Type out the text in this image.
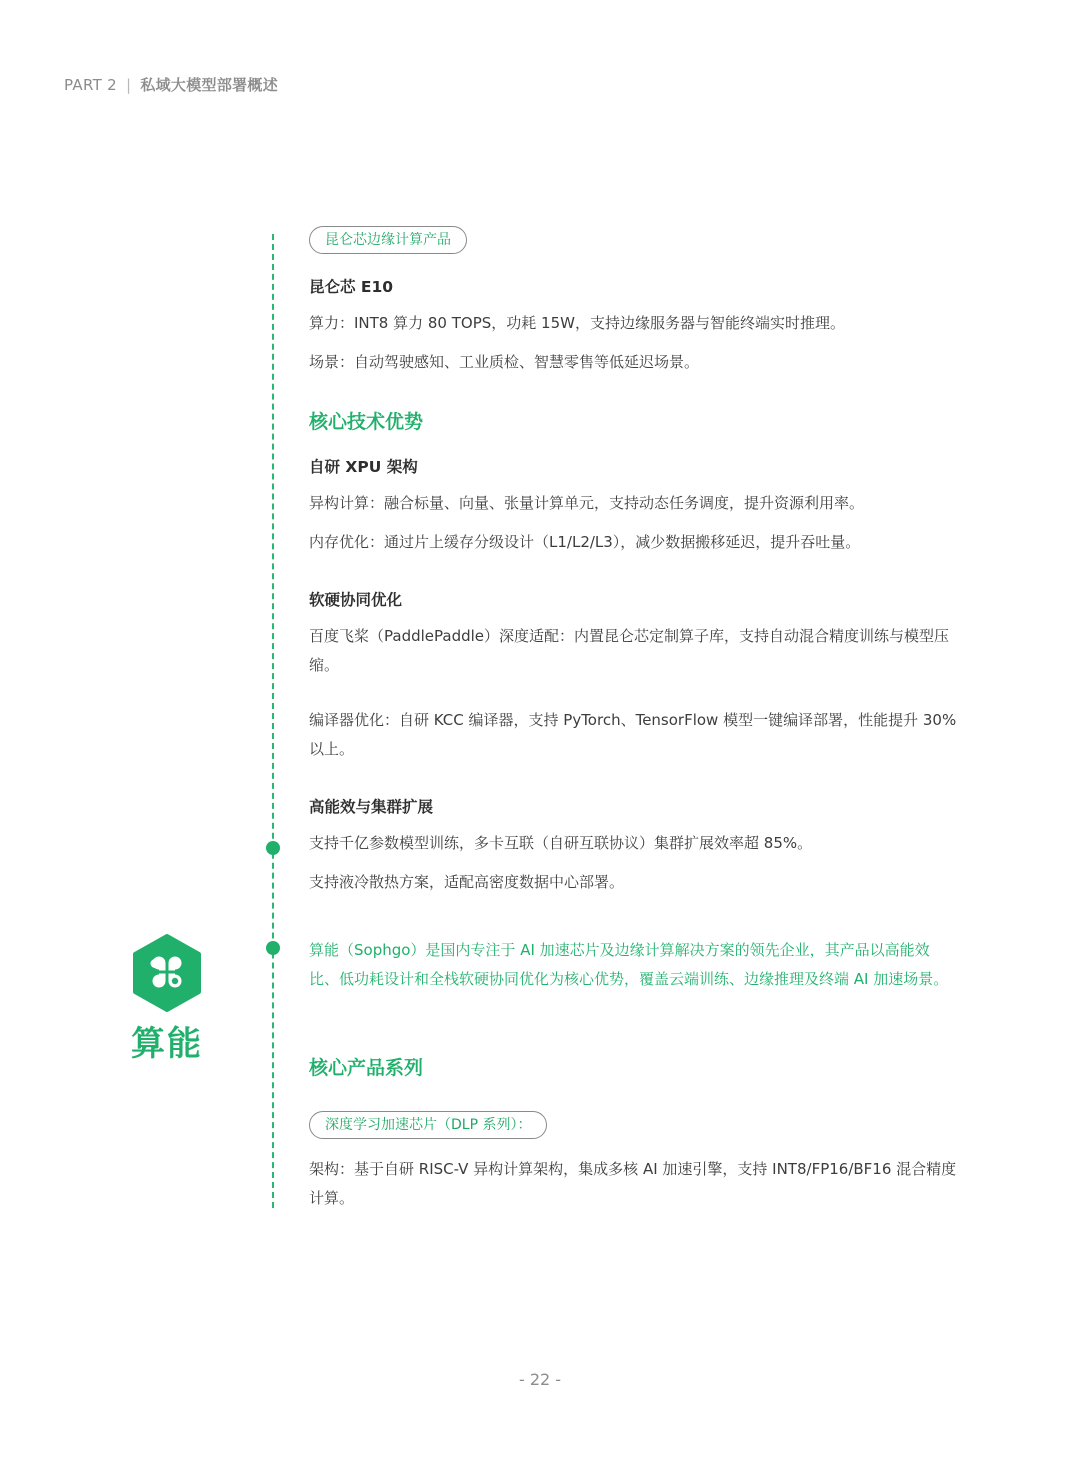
PART 2 | 私域大模型部署概述
算能
昆仑芯边缘计算产品
昆仑芯 E10
算力：INT8 算力 80 TOPS，功耗 15W，支持边缘服务器与智能终端实时推理。
场景：自动驾驶感知、工业质检、智慧零售等低延迟场景。
核心技术优势
自研 XPU 架构
异构计算：融合标量、向量、张量计算单元，支持动态任务调度，提升资源利用率。
内存优化：通过片上缓存分级设计（L1/L2/L3），减少数据搬移延迟，提升吞吐量。
软硬协同优化
百度飞桨（PaddlePaddle）深度适配：内置昆仑芯定制算子库，支持自动混合精度训练与模型压缩。
编译器优化：自研 KCC 编译器，支持 PyTorch、TensorFlow 模型一键编译部署，性能提升 30% 以上。
高能效与集群扩展
支持千亿参数模型训练，多卡互联（自研互联协议）集群扩展效率超 85%。
支持液冷散热方案，适配高密度数据中心部署。
算能（Sophgo）是国内专注于 AI 加速芯片及边缘计算解决方案的领先企业，其产品以高能效比、低功耗设计和全栈软硬协同优化为核心优势，覆盖云端训练、边缘推理及终端 AI 加速场景。
核心产品系列
深度学习加速芯片（DLP 系列）：
架构：基于自研 RISC-V 异构计算架构，集成多核 AI 加速引擎，支持 INT8/FP16/BF16 混合精度计算。
- 22 -
